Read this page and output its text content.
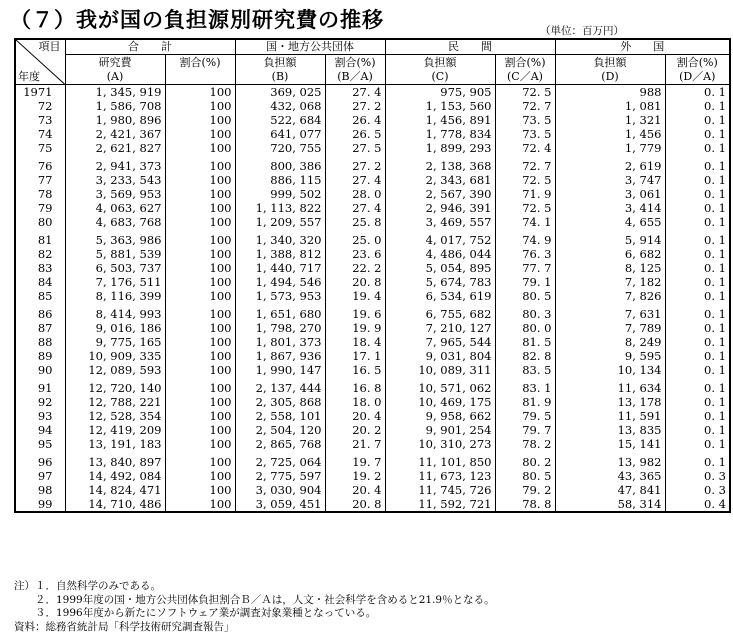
（７）我が国の負担源別研究費の推移	（単位：百万円）
項目
年度	合　　計		国・地方公共団体		民　　間		外　　国	
	研究費	割合(%)	負担額	割合(%)	負担額	割合(%)	負担額	割合(%)
	(A)		(B)	(B／A)	(C)	(C／A)	(D)	(D／A)
1971	1, 345, 919	100	369, 025	27. 4	975, 905	72. 5	988	0. 1
72	1, 586, 708	100	432, 068	27. 2	1, 153, 560	72. 7	1, 081	0. 1
73	1, 980, 896	100	522, 684	26. 4	1, 456, 891	73. 5	1, 321	0. 1
74	2, 421, 367	100	641, 077	26. 5	1, 778, 834	73. 5	1, 456	0. 1
75	2, 621, 827	100	720, 755	27. 5	1, 899, 293	72. 4	1, 779	0. 1
76	2, 941, 373	100	800, 386	27. 2	2, 138, 368	72. 7	2, 619	0. 1
77	3, 233, 543	100	886, 115	27. 4	2, 343, 681	72. 5	3, 747	0. 1
78	3, 569, 953	100	999, 502	28. 0	2, 567, 390	71. 9	3, 061	0. 1
79	4, 063, 627	100	1, 113, 822	27. 4	2, 946, 391	72. 5	3, 414	0. 1
80	4, 683, 768	100	1, 209, 557	25. 8	3, 469, 557	74. 1	4, 655	0. 1
81	5, 363, 986	100	1, 340, 320	25. 0	4, 017, 752	74. 9	5, 914	0. 1
82	5, 881, 539	100	1, 388, 812	23. 6	4, 486, 044	76. 3	6, 682	0. 1
83	6, 503, 737	100	1, 440, 717	22. 2	5, 054, 895	77. 7	8, 125	0. 1
84	7, 176, 511	100	1, 494, 546	20. 8	5, 674, 783	79. 1	7, 182	0. 1
85	8, 116, 399	100	1, 573, 953	19. 4	6, 534, 619	80. 5	7, 826	0. 1
86	8, 414, 993	100	1, 651, 680	19. 6	6, 755, 682	80. 3	7, 631	0. 1
87	9, 016, 186	100	1, 798, 270	19. 9	7, 210, 127	80. 0	7, 789	0. 1
88	9, 775, 165	100	1, 801, 373	18. 4	7, 965, 544	81. 5	8, 249	0. 1
89	10, 909, 335	100	1, 867, 936	17. 1	9, 031, 804	82. 8	9, 595	0. 1
90	12, 089, 593	100	1, 990, 147	16. 5	10, 089, 311	83. 5	10, 134	0. 1
91	12, 720, 140	100	2, 137, 444	16. 8	10, 571, 062	83. 1	11, 634	0. 1
92	12, 788, 221	100	2, 305, 868	18. 0	10, 469, 175	81. 9	13, 178	0. 1
93	12, 528, 354	100	2, 558, 101	20. 4	9, 958, 662	79. 5	11, 591	0. 1
94	12, 419, 209	100	2, 504, 120	20. 2	9, 901, 254	79. 7	13, 835	0. 1
95	13, 191, 183	100	2, 865, 768	21. 7	10, 310, 273	78. 2	15, 141	0. 1
96	13, 840, 897	100	2, 725, 064	19. 7	11, 101, 850	80. 2	13, 982	0. 1
97	14, 492, 084	100	2, 775, 597	19. 2	11, 673, 123	80. 5	43, 365	0. 3
98	14, 824, 471	100	3, 030, 904	20. 4	11, 745, 726	79. 2	47, 841	0. 3
99	14, 710, 486	100	3, 059, 451	20. 8	11, 592, 721	78. 8	58, 314	0. 4
注）１．自然科学のみである。
　　２．1999年度の国・地方公共団体負担割合Ｂ／Ａは，人文・社会科学を含めると21.9％となる。
　　３．1996年度から新たにソフトウェア業が調査対象業種となっている。
資料：総務省統計局「科学技術研究調査報告」
